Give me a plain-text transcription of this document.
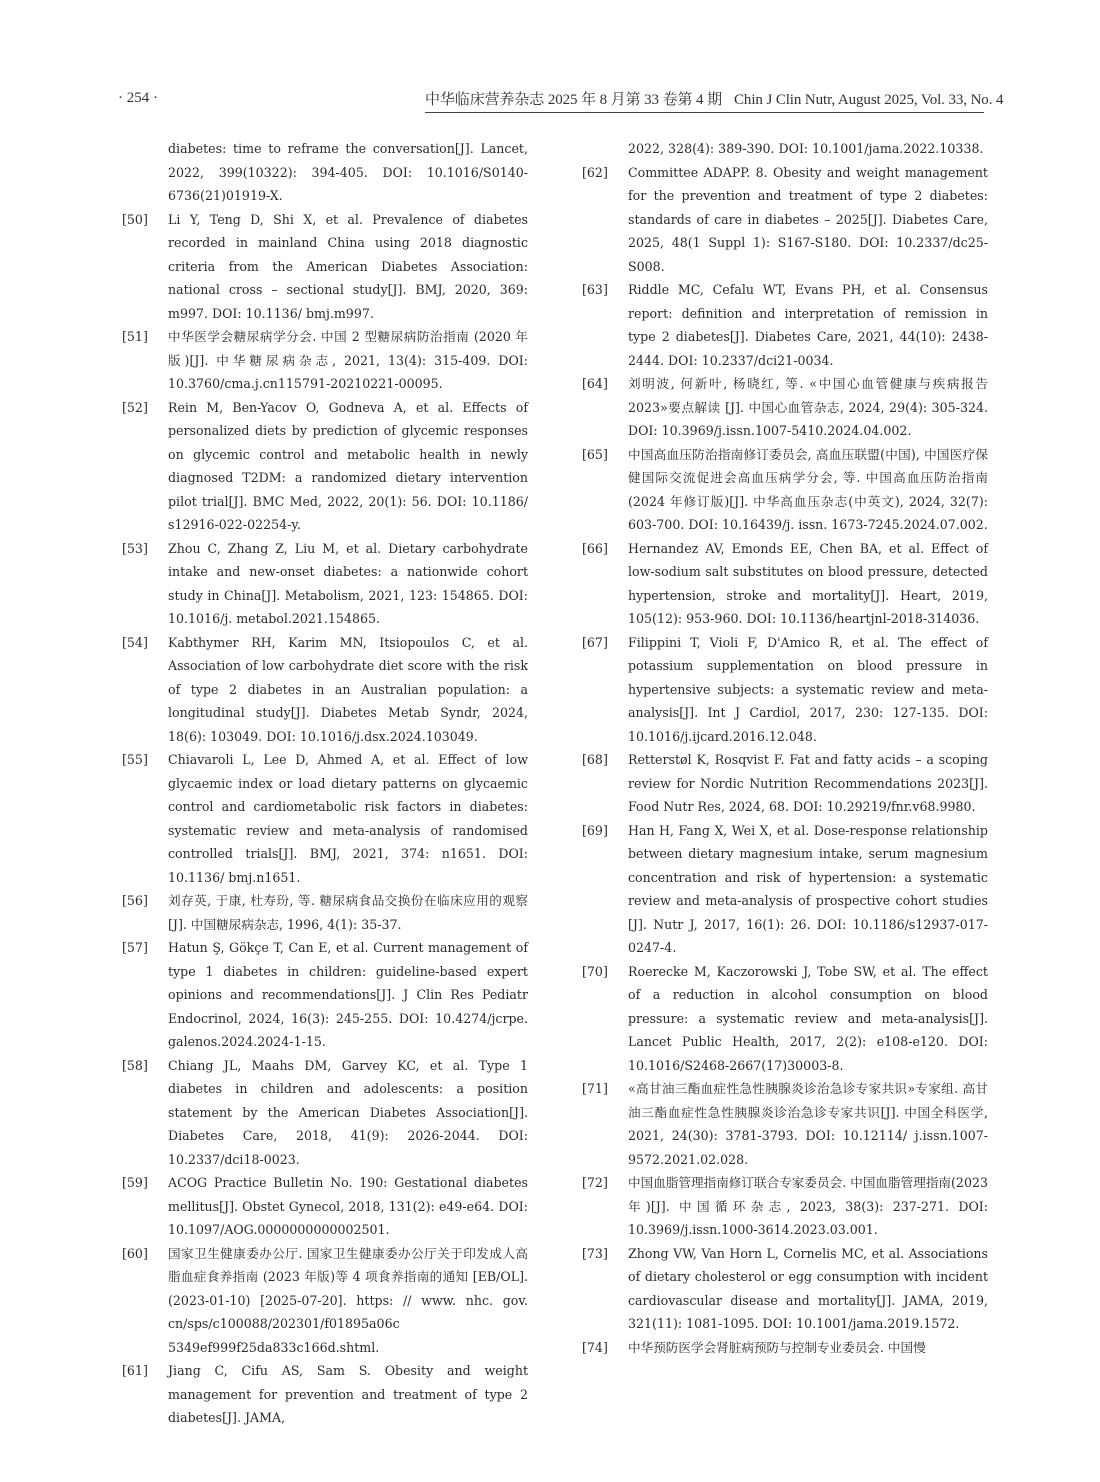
· 254 ·	中华临床营养杂志 2025 年 8 月第 33 卷第 4 期 Chin J Clin Nutr, August 2025, Vol. 33, No. 4
diabetes: time to reframe the conversation[J]. Lancet, 2022, 399(10322): 394-405. DOI: 10.1016/S0140-6736(21)01919-X.
[50] Li Y, Teng D, Shi X, et al. Prevalence of diabetes recorded in mainland China using 2018 diagnostic criteria from the American Diabetes Association: national cross – sectional study[J]. BMJ, 2020, 369: m997. DOI: 10.1136/ bmj.m997.
[51] 中华医学会糖尿病学分会. 中国 2 型糖尿病防治指南 (2020 年版)[J]. 中华糖尿病杂志, 2021, 13(4): 315-409. DOI: 10.3760/cma.j.cn115791-20210221-00095.
[52] Rein M, Ben-Yacov O, Godneva A, et al. Effects of personalized diets by prediction of glycemic responses on glycemic control and metabolic health in newly diagnosed T2DM: a randomized dietary intervention pilot trial[J]. BMC Med, 2022, 20(1): 56. DOI: 10.1186/ s12916-022-02254-y.
[53] Zhou C, Zhang Z, Liu M, et al. Dietary carbohydrate intake and new-onset diabetes: a nationwide cohort study in China[J]. Metabolism, 2021, 123: 154865. DOI: 10.1016/j. metabol.2021.154865.
[54] Kabthymer RH, Karim MN, Itsiopoulos C, et al. Association of low carbohydrate diet score with the risk of type 2 diabetes in an Australian population: a longitudinal study[J]. Diabetes Metab Syndr, 2024, 18(6): 103049. DOI: 10.1016/j.dsx.2024.103049.
[55] Chiavaroli L, Lee D, Ahmed A, et al. Effect of low glycaemic index or load dietary patterns on glycaemic control and cardiometabolic risk factors in diabetes: systematic review and meta-analysis of randomised controlled trials[J]. BMJ, 2021, 374: n1651. DOI: 10.1136/ bmj.n1651.
[56] 刘存英, 于康, 杜寿玢, 等. 糖尿病食品交换份在临床应用的观察[J]. 中国糖尿病杂志, 1996, 4(1): 35-37.
[57] Hatun Ş, Gökçe T, Can E, et al. Current management of type 1 diabetes in children: guideline-based expert opinions and recommendations[J]. J Clin Res Pediatr Endocrinol, 2024, 16(3): 245-255. DOI: 10.4274/jcrpe. galenos.2024.2024-1-15.
[58] Chiang JL, Maahs DM, Garvey KC, et al. Type 1 diabetes in children and adolescents: a position statement by the American Diabetes Association[J]. Diabetes Care, 2018, 41(9): 2026-2044. DOI: 10.2337/dci18-0023.
[59] ACOG Practice Bulletin No. 190: Gestational diabetes mellitus[J]. Obstet Gynecol, 2018, 131(2): e49-e64. DOI: 10.1097/AOG.0000000000002501.
[60] 国家卫生健康委办公厅. 国家卫生健康委办公厅关于印发成人高脂血症食养指南 (2023 年版)等 4 项食养指南的通知 [EB/OL]. (2023-01-10) [2025-07-20]. https: // www. nhc. gov. cn/sps/c100088/202301/f01895a06c 5349ef999f25da833c166d.shtml.
[61] Jiang C, Cifu AS, Sam S. Obesity and weight management for prevention and treatment of type 2 diabetes[J]. JAMA,
2022, 328(4): 389-390. DOI: 10.1001/jama.2022.10338.
[62] Committee ADAPP. 8. Obesity and weight management for the prevention and treatment of type 2 diabetes: standards of care in diabetes – 2025[J]. Diabetes Care, 2025, 48(1 Suppl 1): S167-S180. DOI: 10.2337/dc25-S008.
[63] Riddle MC, Cefalu WT, Evans PH, et al. Consensus report: definition and interpretation of remission in type 2 diabetes[J]. Diabetes Care, 2021, 44(10): 2438-2444. DOI: 10.2337/dci21-0034.
[64] 刘明波, 何新叶, 杨晓红, 等. «中国心血管健康与疾病报告 2023»要点解读 [J]. 中国心血管杂志, 2024, 29(4): 305-324. DOI: 10.3969/j.issn.1007-5410.2024.04.002.
[65] 中国高血压防治指南修订委员会, 高血压联盟(中国), 中国医疗保健国际交流促进会高血压病学分会, 等. 中国高血压防治指南(2024 年修订版)[J]. 中华高血压杂志(中英文), 2024, 32(7): 603-700. DOI: 10.16439/j. issn. 1673-7245.2024.07.002.
[66] Hernandez AV, Emonds EE, Chen BA, et al. Effect of low-sodium salt substitutes on blood pressure, detected hypertension, stroke and mortality[J]. Heart, 2019, 105(12): 953-960. DOI: 10.1136/heartjnl-2018-314036.
[67] Filippini T, Violi F, D'Amico R, et al. The effect of potassium supplementation on blood pressure in hypertensive subjects: a systematic review and meta-analysis[J]. Int J Cardiol, 2017, 230: 127-135. DOI: 10.1016/j.ijcard.2016.12.048.
[68] Retterstøl K, Rosqvist F. Fat and fatty acids – a scoping review for Nordic Nutrition Recommendations 2023[J]. Food Nutr Res, 2024, 68. DOI: 10.29219/fnr.v68.9980.
[69] Han H, Fang X, Wei X, et al. Dose-response relationship between dietary magnesium intake, serum magnesium concentration and risk of hypertension: a systematic review and meta-analysis of prospective cohort studies [J]. Nutr J, 2017, 16(1): 26. DOI: 10.1186/s12937-017-0247-4.
[70] Roerecke M, Kaczorowski J, Tobe SW, et al. The effect of a reduction in alcohol consumption on blood pressure: a systematic review and meta-analysis[J]. Lancet Public Health, 2017, 2(2): e108-e120. DOI: 10.1016/S2468-2667(17)30003-8.
[71] «高甘油三酯血症性急性胰腺炎诊治急诊专家共识»专家组. 高甘油三酯血症性急性胰腺炎诊治急诊专家共识[J]. 中国全科医学, 2021, 24(30): 3781-3793. DOI: 10.12114/ j.issn.1007-9572.2021.02.028.
[72] 中国血脂管理指南修订联合专家委员会. 中国血脂管理指南(2023 年)[J]. 中国循环杂志, 2023, 38(3): 237-271. DOI: 10.3969/j.issn.1000-3614.2023.03.001.
[73] Zhong VW, Van Horn L, Cornelis MC, et al. Associations of dietary cholesterol or egg consumption with incident cardiovascular disease and mortality[J]. JAMA, 2019, 321(11): 1081-1095. DOI: 10.1001/jama.2019.1572.
[74] 中华预防医学会肾脏病预防与控制专业委员会. 中国慢
